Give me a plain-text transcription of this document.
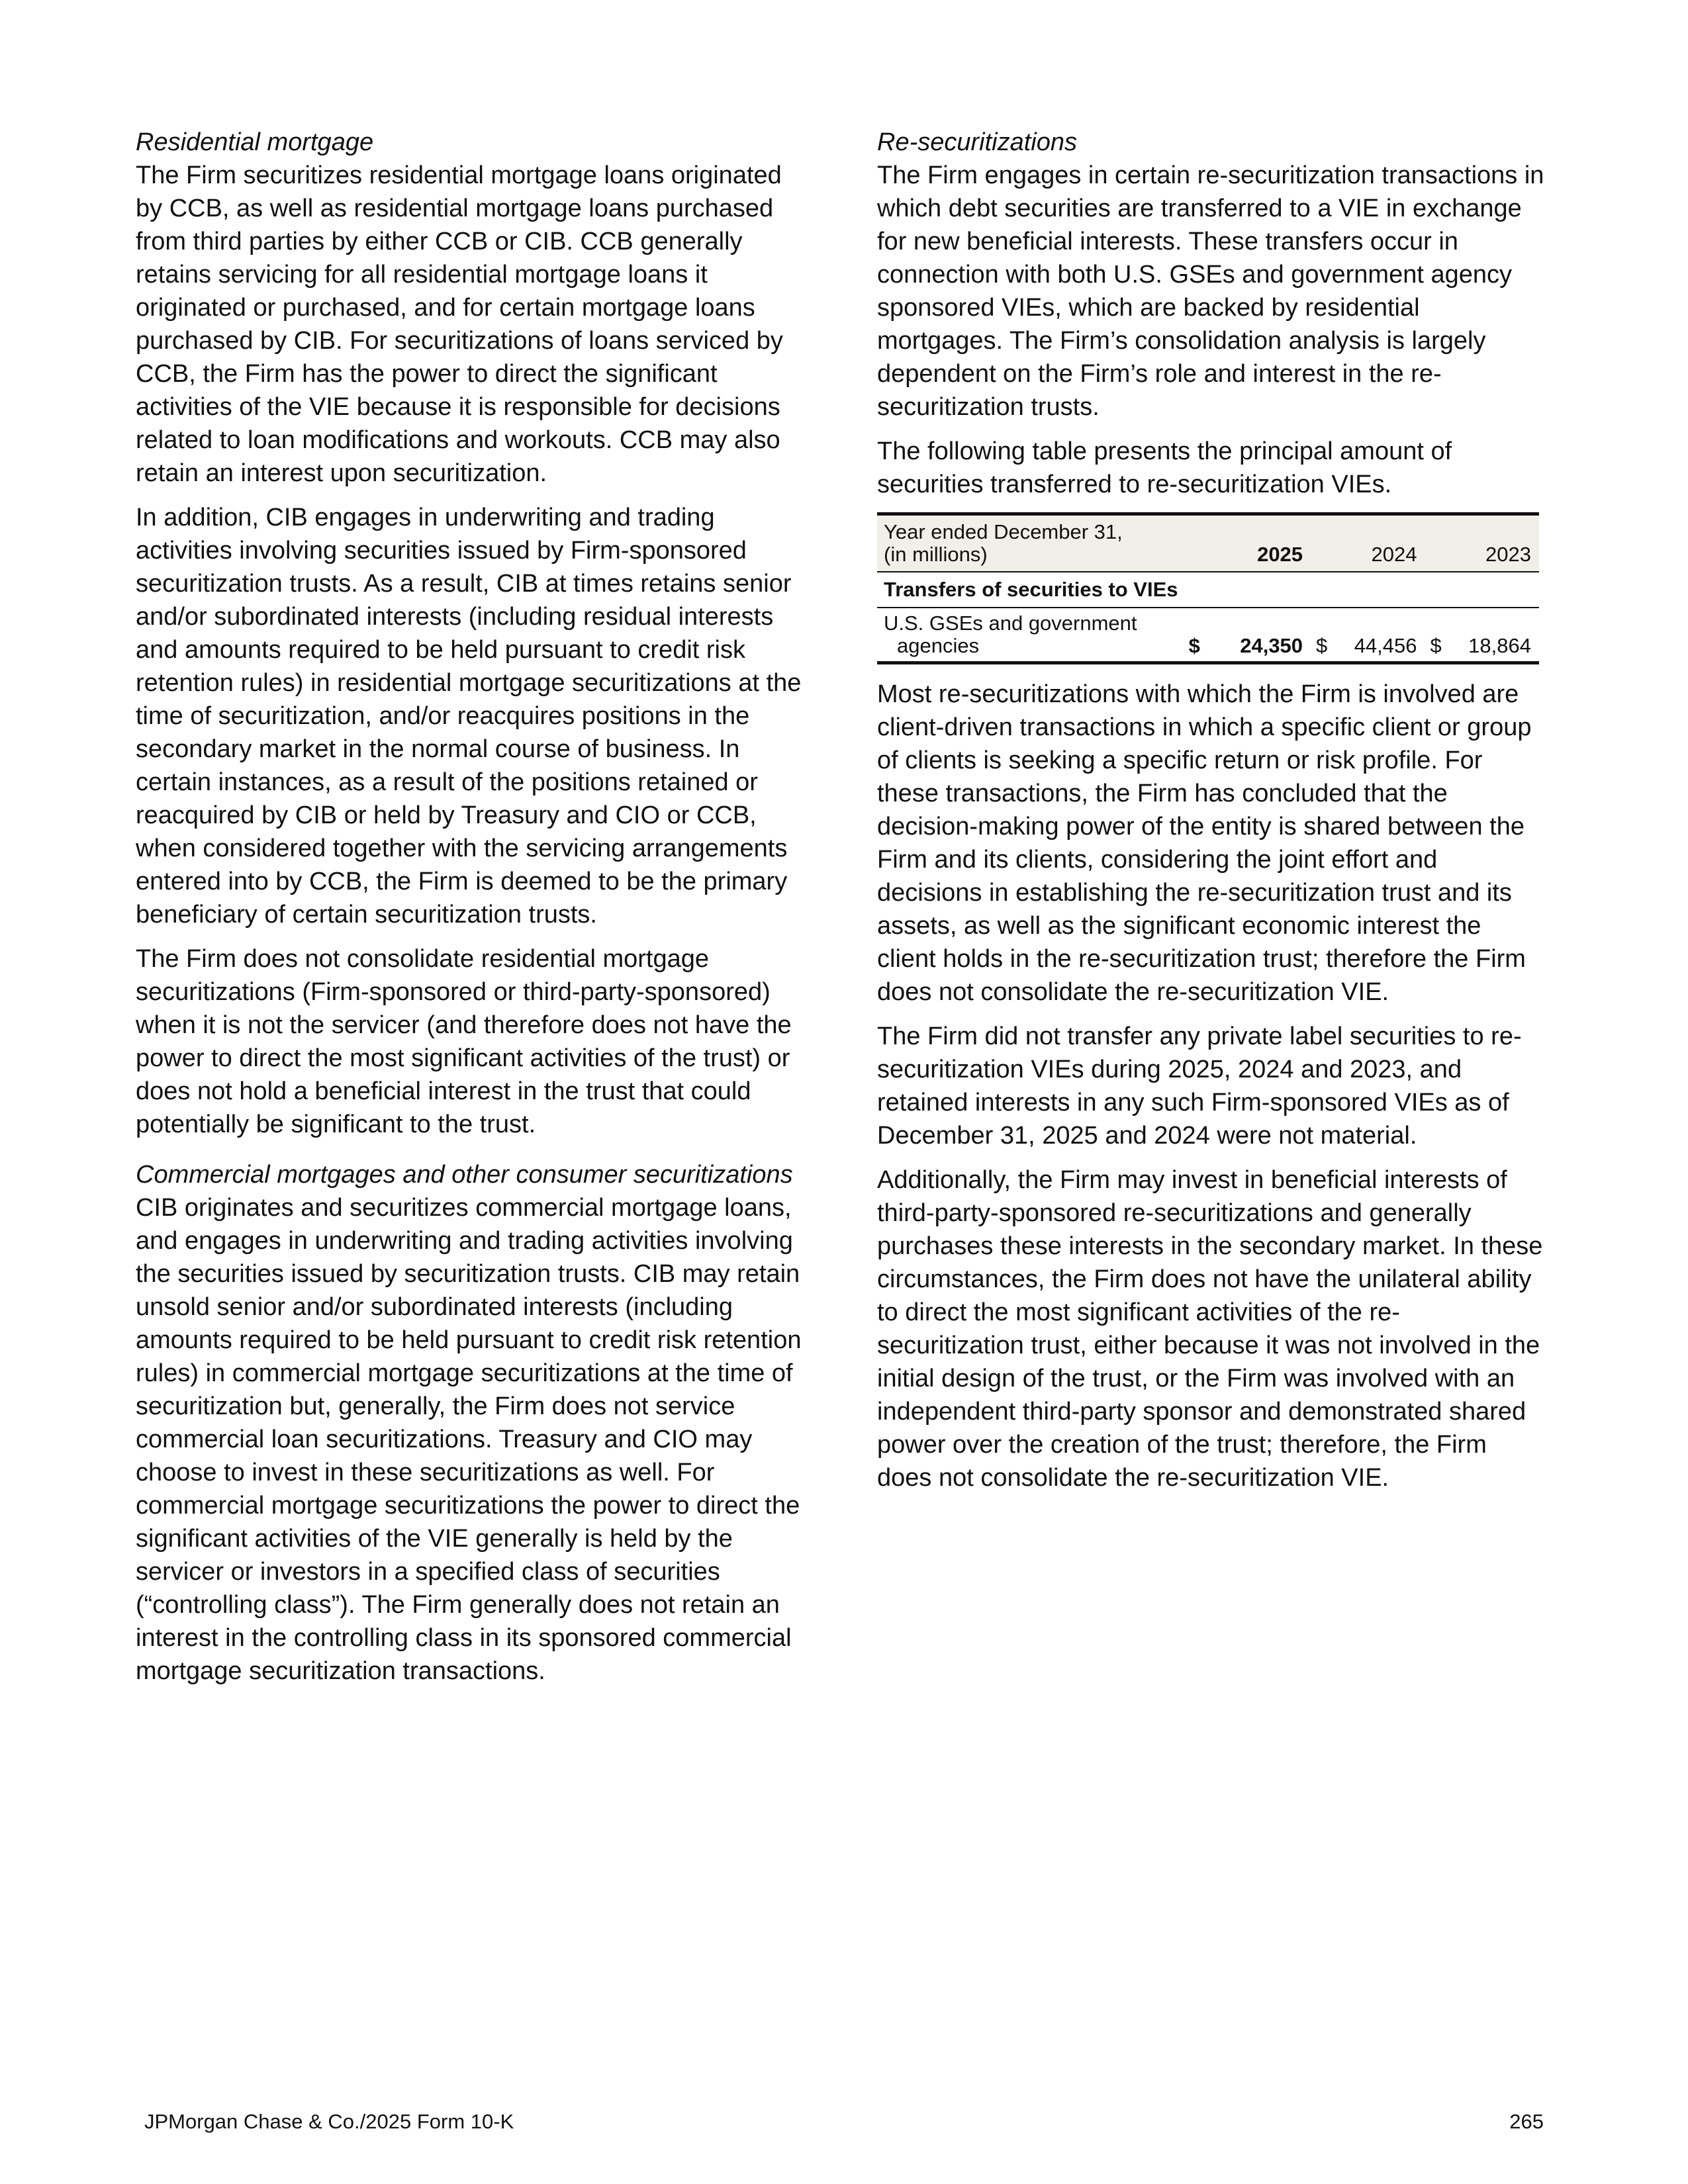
Residential mortgage

The Firm securitizes residential mortgage loans originated by CCB, as well as residential mortgage loans purchased from third parties by either CCB or CIB. CCB generally retains servicing for all residential mortgage loans it originated or purchased, and for certain mortgage loans purchased by CIB. For securitizations of loans serviced by CCB, the Firm has the power to direct the significant activities of the VIE because it is responsible for decisions related to loan modifications and workouts. CCB may also retain an interest upon securitization.

In addition, CIB engages in underwriting and trading activities involving securities issued by Firm-sponsored securitization trusts. As a result, CIB at times retains senior and/or subordinated interests (including residual interests and amounts required to be held pursuant to credit risk retention rules) in residential mortgage securitizations at the time of securitization, and/or reacquires positions in the secondary market in the normal course of business. In certain instances, as a result of the positions retained or reacquired by CIB or held by Treasury and CIO or CCB, when considered together with the servicing arrangements entered into by CCB, the Firm is deemed to be the primary beneficiary of certain securitization trusts.

The Firm does not consolidate residential mortgage securitizations (Firm-sponsored or third-party-sponsored) when it is not the servicer (and therefore does not have the power to direct the most significant activities of the trust) or does not hold a beneficial interest in the trust that could potentially be significant to the trust.

Commercial mortgages and other consumer securitizations

CIB originates and securitizes commercial mortgage loans, and engages in underwriting and trading activities involving the securities issued by securitization trusts. CIB may retain unsold senior and/or subordinated interests (including amounts required to be held pursuant to credit risk retention rules) in commercial mortgage securitizations at the time of securitization but, generally, the Firm does not service commercial loan securitizations. Treasury and CIO may choose to invest in these securitizations as well. For commercial mortgage securitizations the power to direct the significant activities of the VIE generally is held by the servicer or investors in a specified class of securities (“controlling class”). The Firm generally does not retain an interest in the controlling class in its sponsored commercial mortgage securitization transactions.

Re-securitizations

The Firm engages in certain re-securitization transactions in which debt securities are transferred to a VIE in exchange for new beneficial interests. These transfers occur in connection with both U.S. GSEs and government agency sponsored VIEs, which are backed by residential mortgages. The Firm’s consolidation analysis is largely dependent on the Firm’s role and interest in the re-securitization trusts.

The following table presents the principal amount of securities transferred to re-securitization VIEs.

Year ended December 31,
(in millions)	2025	2024	2023
Transfers of securities to VIEs
U.S. GSEs and government
agencies	$ 24,350 $ 44,456 $ 18,864

Most re-securitizations with which the Firm is involved are client-driven transactions in which a specific client or group of clients is seeking a specific return or risk profile. For these transactions, the Firm has concluded that the decision-making power of the entity is shared between the Firm and its clients, considering the joint effort and decisions in establishing the re-securitization trust and its assets, as well as the significant economic interest the client holds in the re-securitization trust; therefore the Firm does not consolidate the re-securitization VIE.

The Firm did not transfer any private label securities to re-securitization VIEs during 2025, 2024 and 2023, and retained interests in any such Firm-sponsored VIEs as of December 31, 2025 and 2024 were not material.

Additionally, the Firm may invest in beneficial interests of third-party-sponsored re-securitizations and generally purchases these interests in the secondary market. In these circumstances, the Firm does not have the unilateral ability to direct the most significant activities of the re-securitization trust, either because it was not involved in the initial design of the trust, or the Firm was involved with an independent third-party sponsor and demonstrated shared power over the creation of the trust; therefore, the Firm does not consolidate the re-securitization VIE.

JPMorgan Chase & Co./2025 Form 10-K	265
